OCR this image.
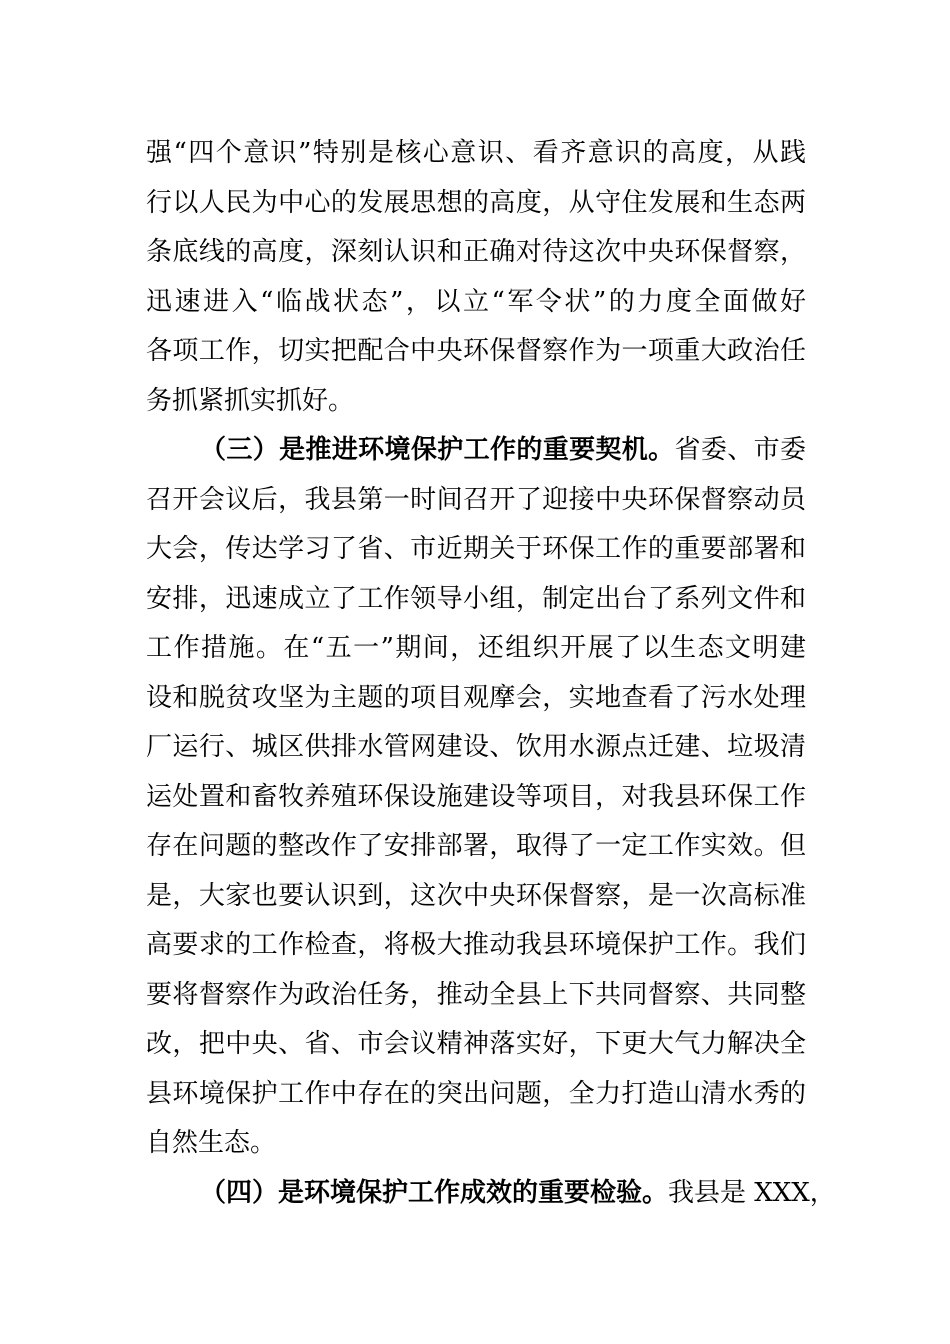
强“四个意识”特别是核心意识、看齐意识的高度，从践
行以人民为中心的发展思想的高度，从守住发展和生态两
条底线的高度，深刻认识和正确对待这次中央环保督察，
迅速进入“临战状态”，以立“军令状”的力度全面做好
各项工作，切实把配合中央环保督察作为一项重大政治任
务抓紧抓实抓好。
（三）是推进环境保护工作的重要契机。省委、市委
召开会议后，我县第一时间召开了迎接中央环保督察动员
大会，传达学习了省、市近期关于环保工作的重要部署和
安排，迅速成立了工作领导小组，制定出台了系列文件和
工作措施。在“五一”期间，还组织开展了以生态文明建
设和脱贫攻坚为主题的项目观摩会，实地查看了污水处理
厂运行、城区供排水管网建设、饮用水源点迁建、垃圾清
运处置和畜牧养殖环保设施建设等项目，对我县环保工作
存在问题的整改作了安排部署，取得了一定工作实效。但
是，大家也要认识到，这次中央环保督察，是一次高标准
高要求的工作检查，将极大推动我县环境保护工作。我们
要将督察作为政治任务，推动全县上下共同督察、共同整
改，把中央、省、市会议精神落实好，下更大气力解决全
县环境保护工作中存在的突出问题，全力打造山清水秀的
自然生态。
（四）是环境保护工作成效的重要检验。我县是 XXX，
